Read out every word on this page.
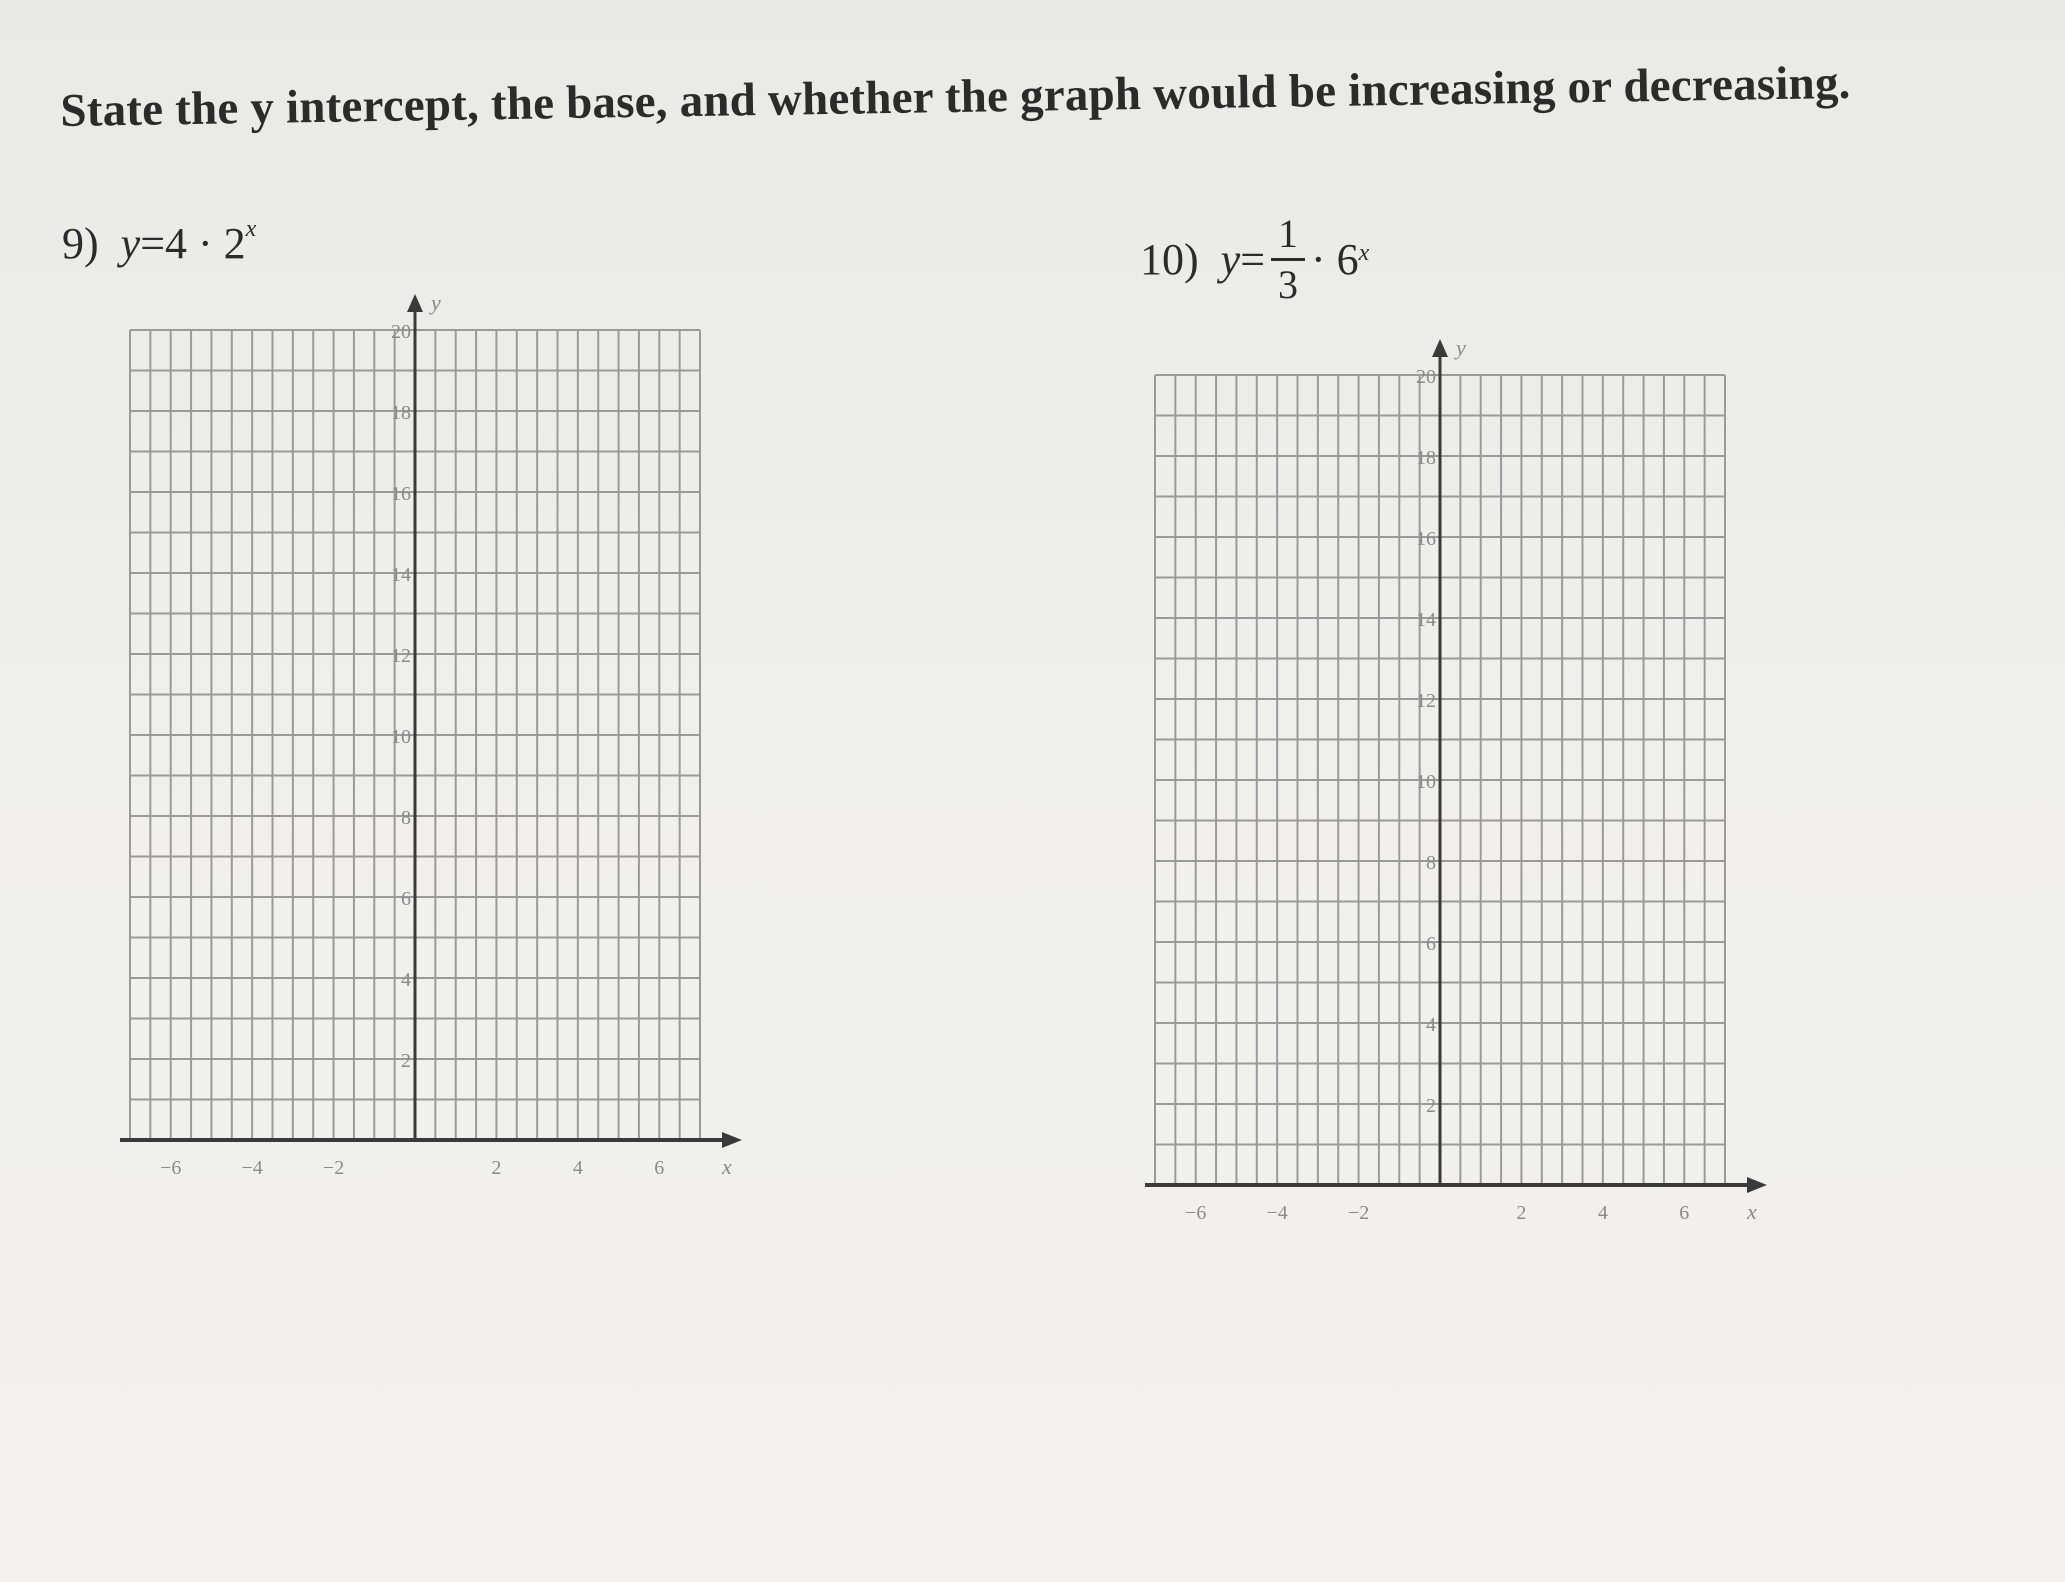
State the y intercept, the base, and whether the graph would be increasing or decreasing.
9) $y=4 \cdot 2^x$
10) $y = \frac{1}{3}$ ·
6$^x$
y
x
−6	−4	−2	2	4	6
20
18
16
14
12
10
8
6
4
2
y
x
−6	−4	−2	2	4	6
20
18
16
14
12
10
8
6
4
2
